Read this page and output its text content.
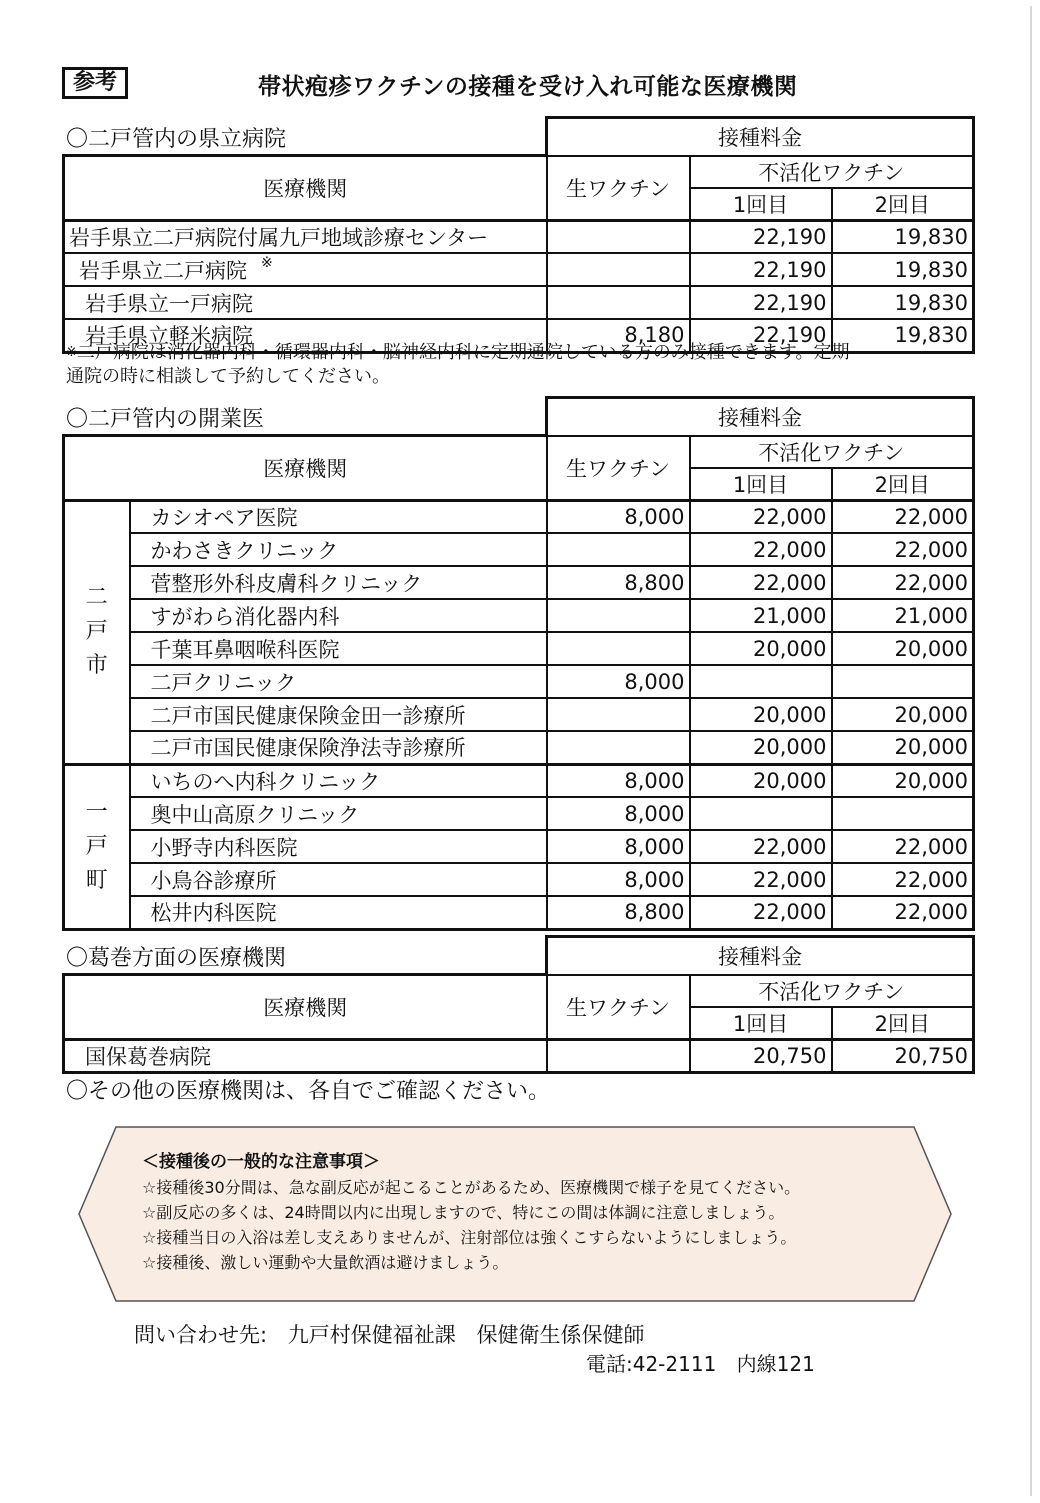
参考	帯状疱疹ワクチンの接種を受け入れ可能な医療機関
〇二戸管内の県立病院
		接種料金		
医療機関	生ワクチン	不活化ワクチン	
		1回目	2回目
岩手県立二戸病院付属九戸地域診療センター		22,190	19,830
岩手県立二戸病院 ※		22,190	19,830
岩手県立一戸病院		22,190	19,830
岩手県立軽米病院	8,180	22,190	19,830
※二戸病院は消化器内科・循環器内科・脳神経内科に定期通院している方のみ接種できます。定期
通院の時に相談して予約してください。
〇二戸管内の開業医
		接種料金		
医療機関		生ワクチン	不活化ワクチン	
			1回目	2回目
二
戸
市	カシオペア医院	8,000	22,000	22,000
	かわさきクリニック		22,000	22,000
	菅整形外科皮膚科クリニック	8,800	22,000	22,000
	すがわら消化器内科		21,000	21,000
	千葉耳鼻咽喉科医院		20,000	20,000
	二戸クリニック	8,000		
	二戸市国民健康保険金田一診療所		20,000	20,000
	二戸市国民健康保険浄法寺診療所		20,000	20,000
一
戸
町	いちのへ内科クリニック	8,000	20,000	20,000
	奥中山高原クリニック	8,000		
	小野寺内科医院	8,000	22,000	22,000
	小鳥谷診療所	8,000	22,000	22,000
	松井内科医院	8,800	22,000	22,000
〇葛巻方面の医療機関
		接種料金		
医療機関	生ワクチン	不活化ワクチン	
		1回目	2回目
国保葛巻病院		20,750	20,750
〇その他の医療機関は、各自でご確認ください。
＜接種後の一般的な注意事項＞
☆接種後30分間は、急な副反応が起こることがあるため、医療機関で様子を見てください。
☆副反応の多くは、24時間以内に出現しますので、特にこの間は体調に注意しましょう。
☆接種当日の入浴は差し支えありませんが、注射部位は強くこすらないようにしましょう。
☆接種後、激しい運動や大量飲酒は避けましょう。
問い合わせ先: 九戸村保健福祉課 保健衛生係保健師
電話:42-2111 内線121
